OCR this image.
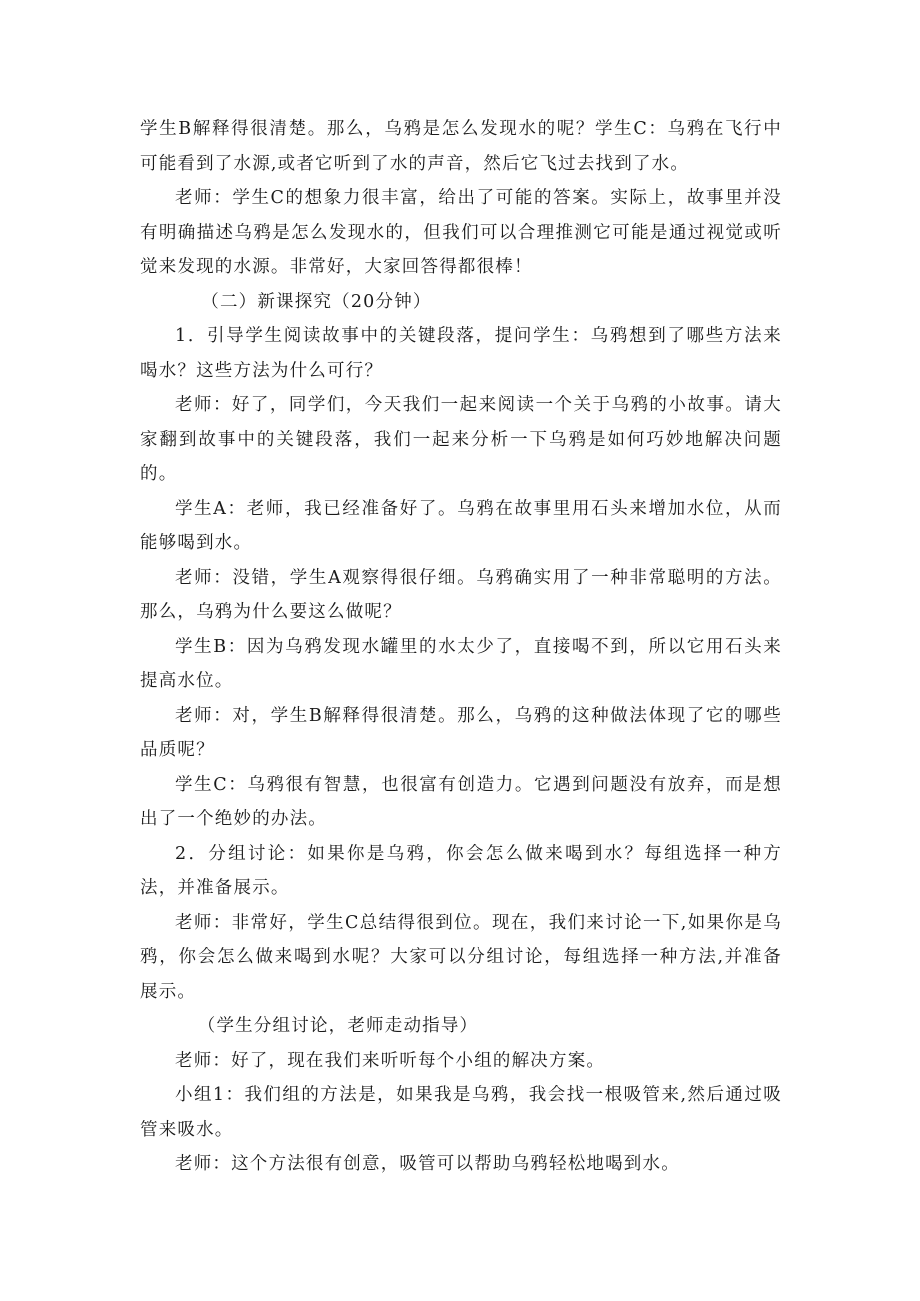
学生B解释得很清楚。那么，乌鸦是怎么发现水的呢？学生C：乌鸦在飞行中可能看到了水源,或者它听到了水的声音，然后它飞过去找到了水。

老师：学生C的想象力很丰富，给出了可能的答案。实际上，故事里并没有明确描述乌鸦是怎么发现水的，但我们可以合理推测它可能是通过视觉或听觉来发现的水源。非常好，大家回答得都很棒！

（二）新课探究（20分钟）

1．引导学生阅读故事中的关键段落，提问学生：乌鸦想到了哪些方法来喝水？这些方法为什么可行？

老师：好了，同学们，今天我们一起来阅读一个关于乌鸦的小故事。请大家翻到故事中的关键段落，我们一起来分析一下乌鸦是如何巧妙地解决问题的。

学生A：老师，我已经准备好了。乌鸦在故事里用石头来增加水位，从而能够喝到水。

老师：没错，学生A观察得很仔细。乌鸦确实用了一种非常聪明的方法。那么，乌鸦为什么要这么做呢？

学生B：因为乌鸦发现水罐里的水太少了，直接喝不到，所以它用石头来提高水位。

老师：对，学生B解释得很清楚。那么，乌鸦的这种做法体现了它的哪些品质呢？

学生C：乌鸦很有智慧，也很富有创造力。它遇到问题没有放弃，而是想出了一个绝妙的办法。

2．分组讨论：如果你是乌鸦，你会怎么做来喝到水？每组选择一种方法，并准备展示。

老师：非常好，学生C总结得很到位。现在，我们来讨论一下,如果你是乌鸦，你会怎么做来喝到水呢？大家可以分组讨论，每组选择一种方法,并准备展示。

（学生分组讨论，老师走动指导）

老师：好了，现在我们来听听每个小组的解决方案。

小组1：我们组的方法是，如果我是乌鸦，我会找一根吸管来,然后通过吸管来吸水。

老师：这个方法很有创意，吸管可以帮助乌鸦轻松地喝到水。
